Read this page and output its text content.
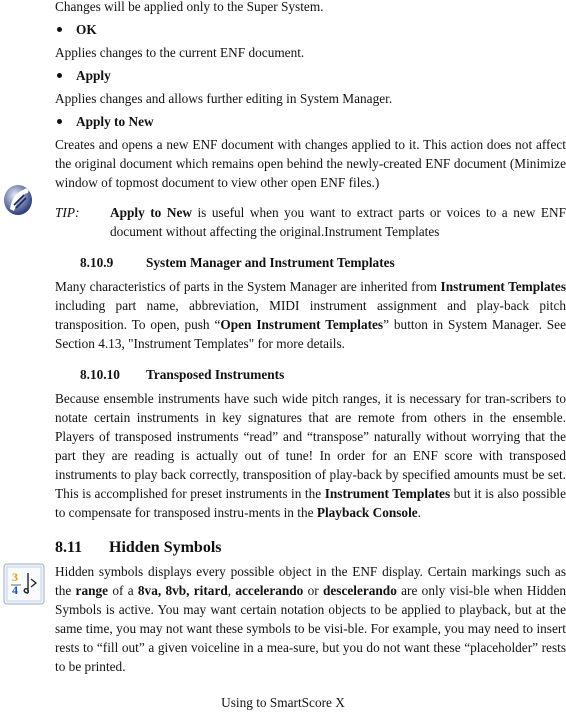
3
4

Changes will be applied only to the Super System.

OK

Applies changes to the current ENF document.

Apply

Applies changes and allows further editing in System Manager.

Apply to New

Creates and opens a new ENF document with changes applied to it. This action does not affect the original document which remains open behind the newly-created ENF document (Minimize window of topmost document to view other open ENF files.)

TIP:	Apply to New is useful when you want to extract parts or voices to a new ENF document without affecting the original.Instrument Templates
8.10.9	System Manager and Instrument Templates

Many characteristics of parts in the System Manager are inherited from Instrument Templates including part name, abbreviation, MIDI instrument assignment and play-back pitch transposition. To open, push “Open Instrument Templates” button in System Manager. See Section 4.13, "Instrument Templates" for more details.

8.10.10	Transposed Instruments

Because ensemble instruments have such wide pitch ranges, it is necessary for tran-scribers to notate certain instruments in key signatures that are remote from others in the ensemble. Players of transposed instruments “read” and “transpose” naturally without worrying that the part they are reading is actually out of tune! In order for an ENF score with transposed instruments to play back correctly, transposition of play-back by specified amounts must be set. This is accomplished for preset instruments in the Instrument Templates but it is also possible to compensate for transposed instru-ments in the Playback Console.

8.11	Hidden Symbols

Hidden symbols displays every possible object in the ENF display. Certain markings such as the range of a 8va, 8vb, ritard, accelerando or descelerando are only visi-ble when Hidden Symbols is active. You may want certain notation objects to be applied to playback, but at the same time, you may not want these symbols to be visi-ble. For example, you may need to insert rests to “fill out” a given voiceline in a mea-sure, but you do not want these “placeholder” rests to be printed.

Using to SmartScore X
